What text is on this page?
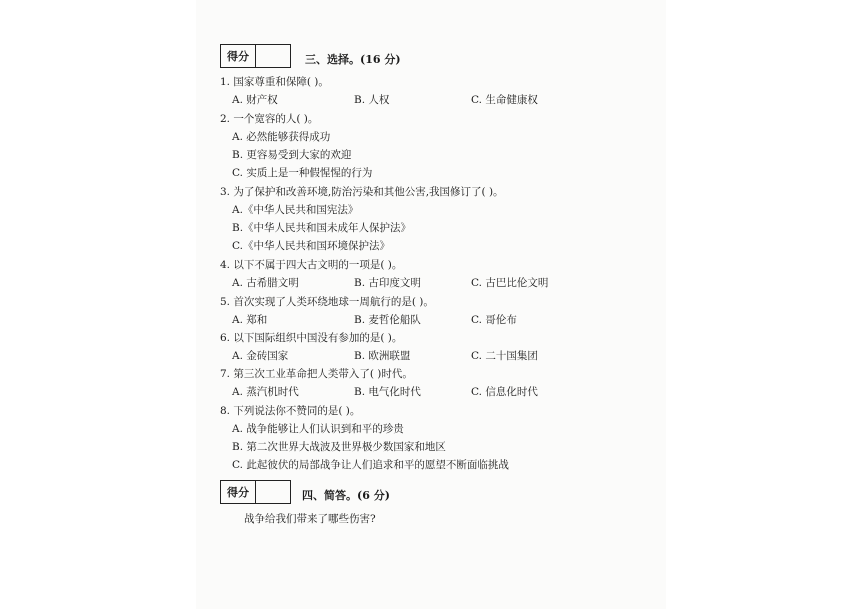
得分	三、选择。(16 分)
1. 国家尊重和保障( )。
A. 财产权	B. 人权	C. 生命健康权
2. 一个宽容的人( )。
A. 必然能够获得成功
B. 更容易受到大家的欢迎
C. 实质上是一种假惺惺的行为
3. 为了保护和改善环境,防治污染和其他公害,我国修订了( )。
A.《中华人民共和国宪法》
B.《中华人民共和国未成年人保护法》
C.《中华人民共和国环境保护法》
4. 以下不属于四大古文明的一项是( )。
A. 古希腊文明	B. 古印度文明	C. 古巴比伦文明
5. 首次实现了人类环绕地球一周航行的是( )。
A. 郑和	B. 麦哲伦船队	C. 哥伦布
6. 以下国际组织中国没有参加的是( )。
A. 金砖国家	B. 欧洲联盟	C. 二十国集团
7. 第三次工业革命把人类带入了( )时代。
A. 蒸汽机时代	B. 电气化时代	C. 信息化时代
8. 下列说法你不赞同的是( )。
A. 战争能够让人们认识到和平的珍贵
B. 第二次世界大战波及世界极少数国家和地区
C. 此起彼伏的局部战争让人们追求和平的愿望不断面临挑战
得分	四、简答。(6 分)
战争给我们带来了哪些伤害?
